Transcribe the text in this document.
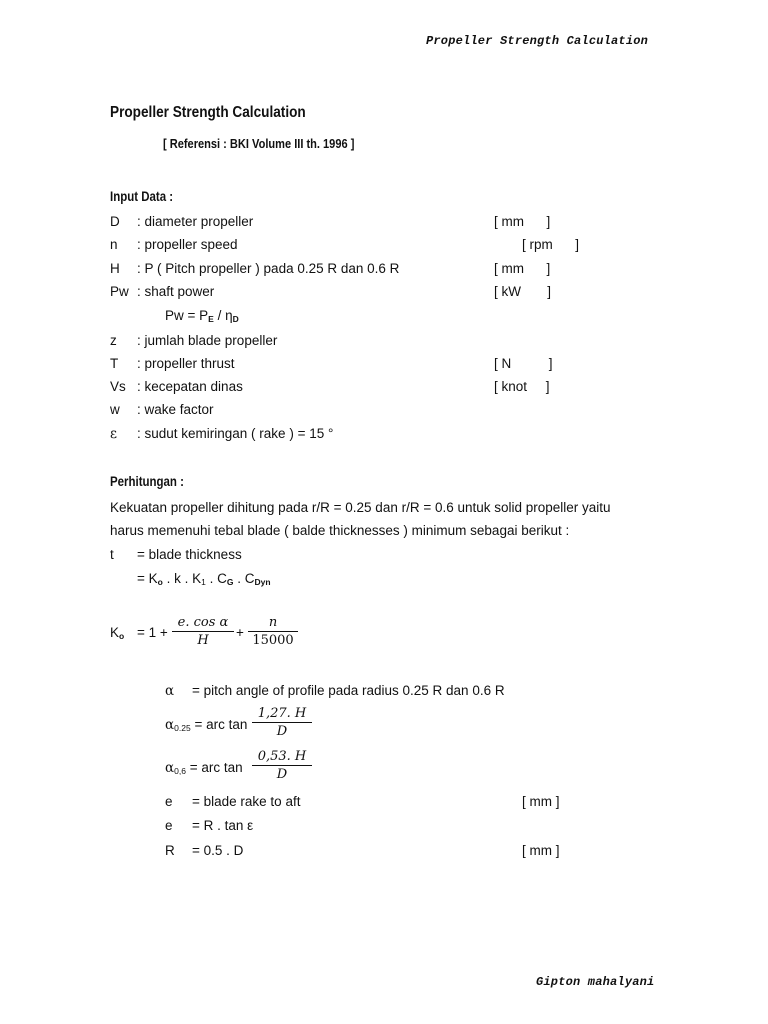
Propeller Strength Calculation
Gipton mahalyani
Propeller Strength Calculation
[ Referensi : BKI Volume III th. 1996 ]
Input Data :
D : diameter propeller	[ mm      ]
n : propeller speed	[ rpm      ]
H : P ( Pitch propeller ) pada 0.25 R dan 0.6 R	[ mm      ]
Pw : shaft power	[ kW       ]
$Pw = P_E / \eta_D$
z : jumlah blade propeller
T : propeller thrust	[ N          ]
Vs : kecepatan dinas	[ knot     ]
w : wake factor
ε : sudut kemiringan ( rake ) = 15 °
Perhitungan :
Kekuatan propeller dihitung pada r/R = 0.25 dan r/R = 0.6 untuk solid propeller yaitu
harus memenuhi tebal blade ( balde thicknesses ) minimum sebagai berikut :
t = blade thickness
= $K_o$ . k . $K_1$ . $C_G$ . $C_{Dyn}$
$K_o = 1$ +
e. cos α
H
+
n
15000
α = pitch angle of profile pada radius 0.25 R dan 0.6 R
$\alpha_{0.25}$ = arc tan
1,27. H
D
$\alpha_{0,6}$ = arc tan
0,53. H
D
e = blade rake to aft	[ mm ]
e = R . tan ε
R = 0.5 . D	[ mm ]
